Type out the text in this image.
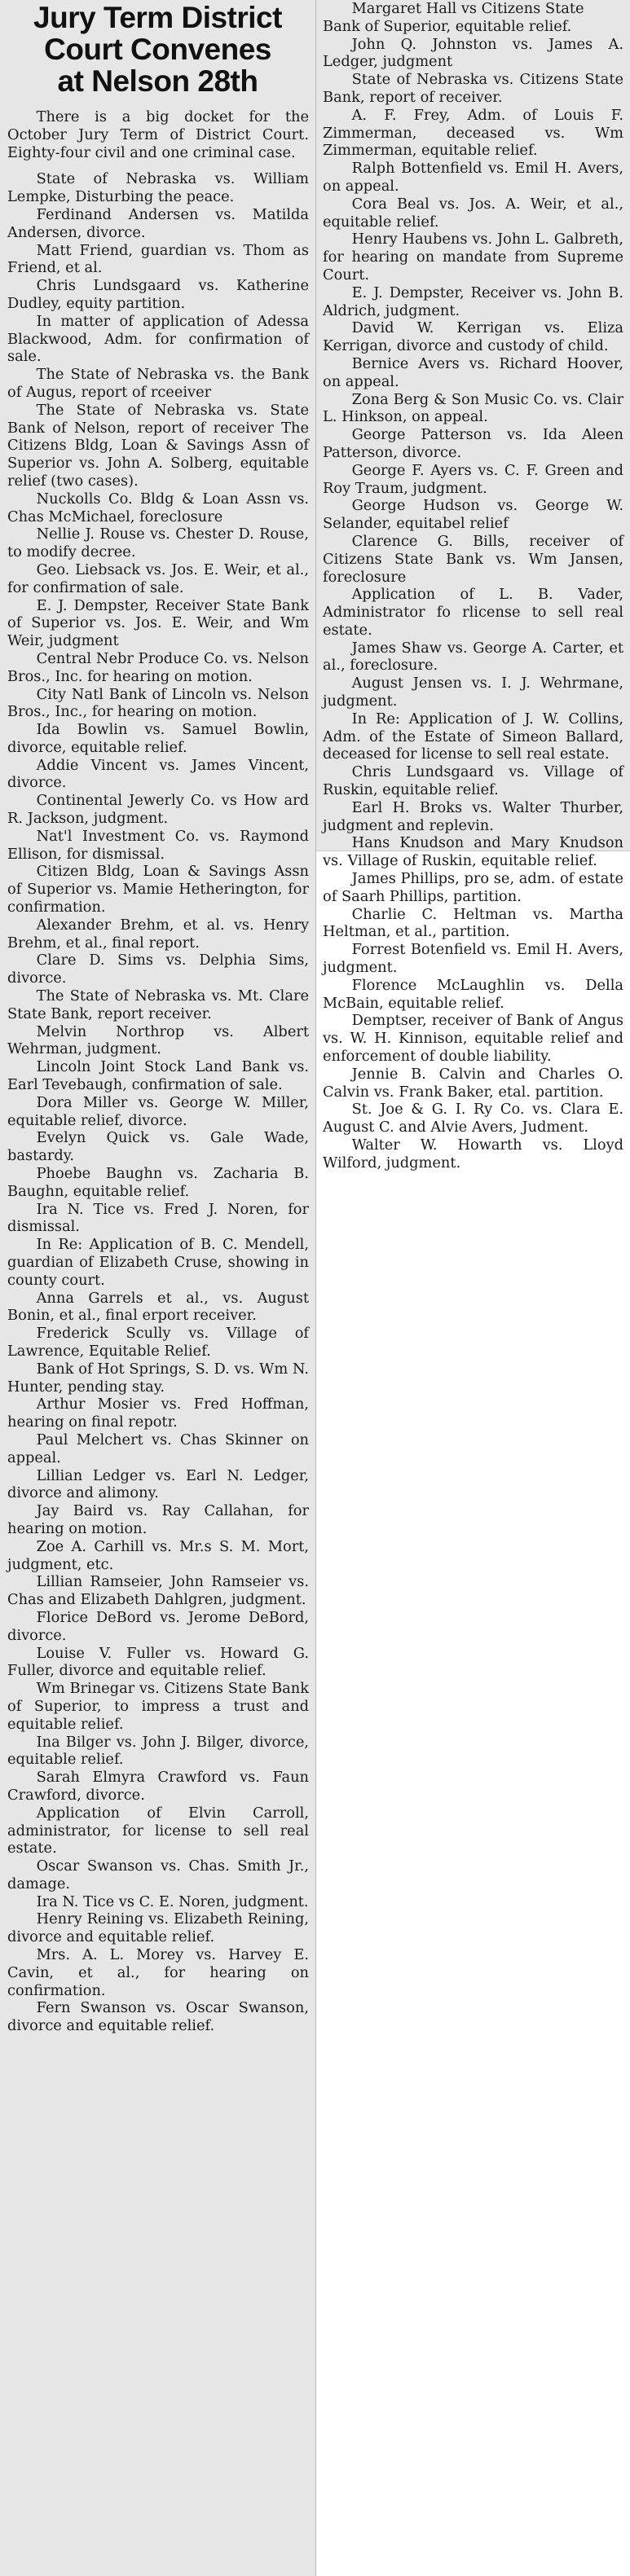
Jury Term District
Court Convenes
at Nelson 28th

There is a big docket for the October Jury Term of District Court. Eighty-four civil and one criminal case.

State of Nebraska vs. William Lempke, Disturbing the peace.

Ferdinand Andersen vs. Matilda Andersen, divorce.

Matt Friend, guardian vs. Thom as Friend, et al.

Chris Lundsgaard vs. Katherine Dudley, equity partition.

In matter of application of Adessa Blackwood, Adm. for confirmation of sale.

The State of Nebraska vs. the Bank of Augus, report of rceeiver

The State of Nebraska vs. State Bank of Nelson, report of receiver The Citizens Bldg, Loan & Savings Assn of Superior vs. John A. Solberg, equitable relief (two cases).

Nuckolls Co. Bldg & Loan Assn vs. Chas McMichael, foreclosure

Nellie J. Rouse vs. Chester D. Rouse, to modify decree.

Geo. Liebsack vs. Jos. E. Weir, et al., for confirmation of sale.

E. J. Dempster, Receiver State Bank of Superior vs. Jos. E. Weir, and Wm Weir, judgment

Central Nebr Produce Co. vs. Nelson Bros., Inc. for hearing on motion.

City Natl Bank of Lincoln vs. Nelson Bros., Inc., for hearing on motion.

Ida Bowlin vs. Samuel Bowlin, divorce, equitable relief.

Addie Vincent vs. James Vincent, divorce.

Continental Jewerly Co. vs How ard R. Jackson, judgment.

Nat'l Investment Co. vs. Raymond Ellison, for dismissal.

Citizen Bldg, Loan & Savings Assn of Superior vs. Mamie Hetherington, for confirmation.

Alexander Brehm, et al. vs. Henry Brehm, et al., final report.

Clare D. Sims vs. Delphia Sims, divorce.

The State of Nebraska vs. Mt. Clare State Bank, report receiver.

Melvin Northrop vs. Albert Wehrman, judgment.

Lincoln Joint Stock Land Bank vs. Earl Tevebaugh, confirmation of sale.

Dora Miller vs. George W. Miller, equitable relief, divorce.

Evelyn Quick vs. Gale Wade, bastardy.

Phoebe Baughn vs. Zacharia B. Baughn, equitable relief.

Ira N. Tice vs. Fred J. Noren, for dismissal.

In Re: Application of B. C. Mendell, guardian of Elizabeth Cruse, showing in county court.

Anna Garrels et al., vs. August Bonin, et al., final erport receiver.

Frederick Scully vs. Village of Lawrence, Equitable Relief.

Bank of Hot Springs, S. D. vs. Wm N. Hunter, pending stay.

Arthur Mosier vs. Fred Hoffman, hearing on final repotr.

Paul Melchert vs. Chas Skinner on appeal.

Lillian Ledger vs. Earl N. Ledger, divorce and alimony.

Jay Baird vs. Ray Callahan, for hearing on motion.

Zoe A. Carhill vs. Mr.s S. M. Mort, judgment, etc.

Lillian Ramseier, John Ramseier vs. Chas and Elizabeth Dahlgren, judgment.

Florice DeBord vs. Jerome DeBord, divorce.

Louise V. Fuller vs. Howard G. Fuller, divorce and equitable relief.

Wm Brinegar vs. Citizens State Bank of Superior, to impress a trust and equitable relief.

Ina Bilger vs. John J. Bilger, divorce, equitable relief.

Sarah Elmyra Crawford vs. Faun Crawford, divorce.

Application of Elvin Carroll, administrator, for license to sell real estate.

Oscar Swanson vs. Chas. Smith Jr., damage.

Ira N. Tice vs C. E. Noren, judgment.

Henry Reining vs. Elizabeth Reining, divorce and equitable relief.

Mrs. A. L. Morey vs. Harvey E. Cavin, et al., for hearing on confirmation.

Fern Swanson vs. Oscar Swanson, divorce and equitable relief.

Margaret Hall vs Citizens State

Bank of Superior, equitable relief.

John Q. Johnston vs. James A. Ledger, judgment

State of Nebraska vs. Citizens State Bank, report of receiver.

A. F. Frey, Adm. of Louis F. Zimmerman, deceased vs. Wm Zimmerman, equitable relief.

Ralph Bottenfield vs. Emil H. Avers, on appeal.

Cora Beal vs. Jos. A. Weir, et al., equitable relief.

Henry Haubens vs. John L. Galbreth, for hearing on mandate from Supreme Court.

E. J. Dempster, Receiver vs. John B. Aldrich, judgment.

David W. Kerrigan vs. Eliza Kerrigan, divorce and custody of child.

Bernice Avers vs. Richard Hoover, on appeal.

Zona Berg & Son Music Co. vs. Clair L. Hinkson, on appeal.

George Patterson vs. Ida Aleen Patterson, divorce.

George F. Ayers vs. C. F. Green and Roy Traum, judgment.

George Hudson vs. George W. Selander, equitabel relief

Clarence G. Bills, receiver of Citizens State Bank vs. Wm Jansen, foreclosure

Application of L. B. Vader, Administrator fo rlicense to sell real estate.

James Shaw vs. George A. Carter, et al., foreclosure.

August Jensen vs. I. J. Wehrmane, judgment.

In Re: Application of J. W. Collins, Adm. of the Estate of Simeon Ballard, deceased for license to sell real estate.

Chris Lundsgaard vs. Village of Ruskin, equitable relief.

Earl H. Broks vs. Walter Thurber, judgment and replevin.

Hans Knudson and Mary Knudson vs. Village of Ruskin, equitable relief.

James Phillips, pro se, adm. of estate of Saarh Phillips, partition.

Charlie C. Heltman vs. Martha Heltman, et al., partition.

Forrest Botenfield vs. Emil H. Avers, judgment.

Florence McLaughlin vs. Della McBain, equitable relief.

Demptser, receiver of Bank of Angus vs. W. H. Kinnison, equitable relief and enforcement of double liability.

Jennie B. Calvin and Charles O. Calvin vs. Frank Baker, etal. partition.

St. Joe & G. I. Ry Co. vs. Clara E. August C. and Alvie Avers, Judment.

Walter W. Howarth vs. Lloyd Wilford, judgment.
